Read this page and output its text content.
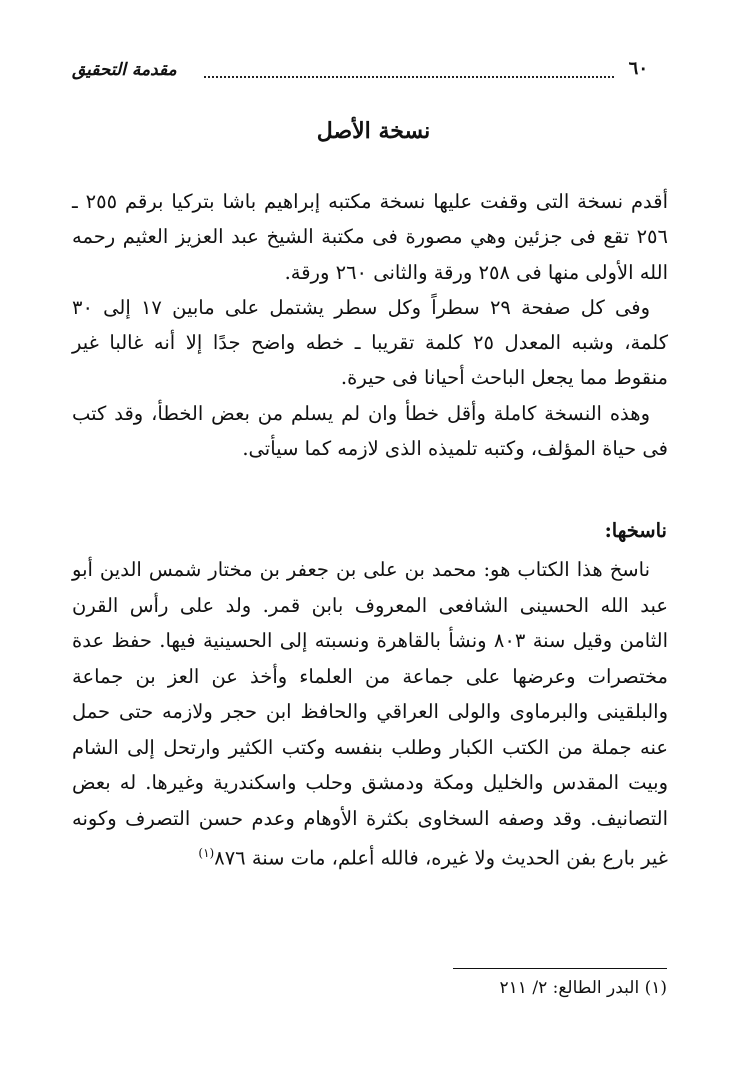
مقدمة التحقيق	٦٠
نسخة الأصل

أقدم نسخة التى وقفت عليها نسخة مكتبه إبراهيم باشا بتركيا برقم ٢٥٥ ـ ٢٥٦ تقع فى جزئين وهي مصورة فى مكتبة الشيخ عبد العزيز العثيم رحمه الله الأولى منها فى ٢٥٨ ورقة والثانى ٢٦٠ ورقة.

وفى كل صفحة ٢٩ سطراً وكل سطر يشتمل على مابين ١٧ إلى ٣٠ كلمة، وشبه المعدل ٢٥ كلمة تقريبا ـ خطه واضح جدًا إلا أنه غالبا غير منقوط مما يجعل الباحث أحيانا فى حيرة.

وهذه النسخة كاملة وأقل خطأ وان لم يسلم من بعض الخطأ، وقد كتب فى حياة المؤلف، وكتبه تلميذه الذى لازمه كما سيأتى.

ناسخها:

ناسخ هذا الكتاب هو: محمد بن على بن جعفر بن مختار شمس الدين أبو عبد الله الحسينى الشافعى المعروف بابن قمر. ولد على رأس القرن الثامن وقيل سنة ٨٠٣ ونشأ بالقاهرة ونسبته إلى الحسينية فيها. حفظ عدة مختصرات وعرضها على جماعة من العلماء وأخذ عن العز بن جماعة والبلقينى والبرماوى والولى العراقي والحافظ ابن حجر ولازمه حتى حمل عنه جملة من الكتب الكبار وطلب بنفسه وكتب الكثير وارتحل إلى الشام وبيت المقدس والخليل ومكة ودمشق وحلب واسكندرية وغيرها. له بعض التصانيف. وقد وصفه السخاوى بكثرة الأوهام وعدم حسن التصرف وكونه غير بارع بفن الحديث ولا غيره، فالله أعلم، مات سنة ٨٧٦$^{(١)}$

(١) البدر الطالع: ٢/ ٢١١
